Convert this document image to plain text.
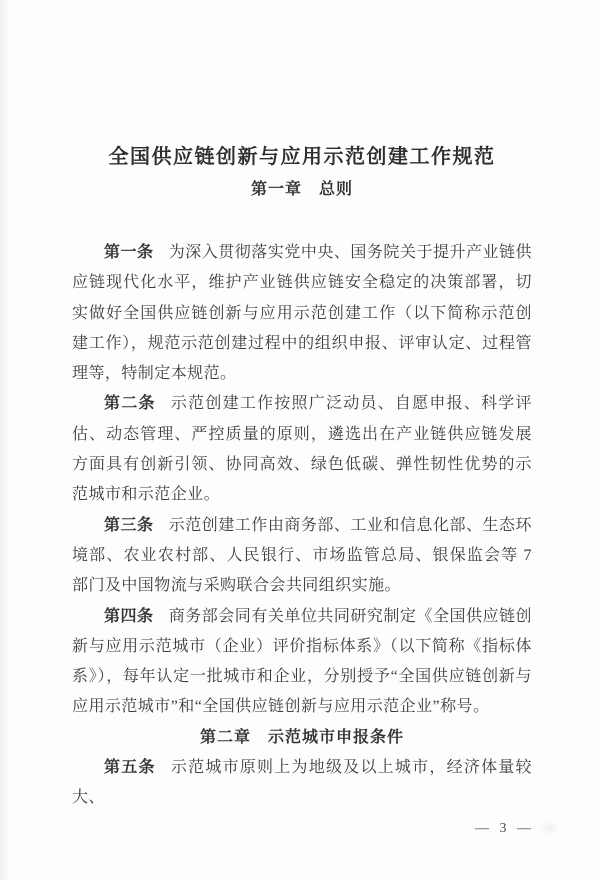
全国供应链创新与应用示范创建工作规范
第一章　总则

第一条 为深入贯彻落实党中央、国务院关于提升产业链供应链现代化水平，维护产业链供应链安全稳定的决策部署，切实做好全国供应链创新与应用示范创建工作（以下简称示范创建工作），规范示范创建过程中的组织申报、评审认定、过程管理等，特制定本规范。

第二条 示范创建工作按照广泛动员、自愿申报、科学评估、动态管理、严控质量的原则，遴选出在产业链供应链发展方面具有创新引领、协同高效、绿色低碳、弹性韧性优势的示范城市和示范企业。

第三条 示范创建工作由商务部、工业和信息化部、生态环境部、农业农村部、人民银行、市场监管总局、银保监会等 7 部门及中国物流与采购联合会共同组织实施。

第四条 商务部会同有关单位共同研究制定《全国供应链创新与应用示范城市（企业）评价指标体系》（以下简称《指标体系》），每年认定一批城市和企业，分别授予“全国供应链创新与应用示范城市”和“全国供应链创新与应用示范企业”称号。

第二章　示范城市申报条件

第五条 示范城市原则上为地级及以上城市，经济体量较大、

— 3 —
